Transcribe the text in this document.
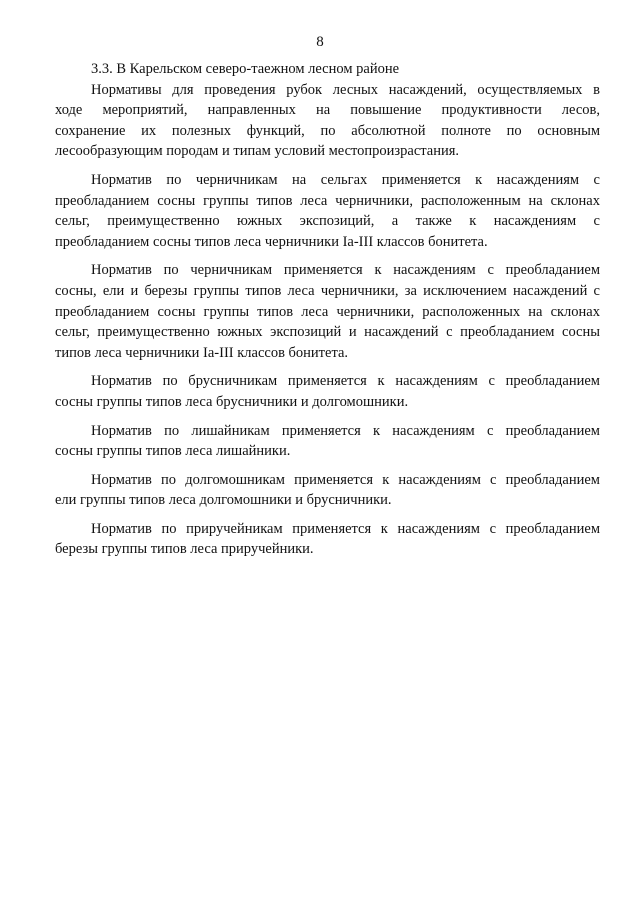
8
3.3. В Карельском северо-таежном лесном районе
Нормативы для проведения рубок лесных насаждений, осуществляемых в
ходе мероприятий, направленных на повышение продуктивности лесов,
сохранение их полезных функций, по абсолютной полноте по основным
лесообразующим породам и типам условий местопроизрастания.
Норматив по черничникам на сельгах применяется к насаждениям с
преобладанием сосны группы типов леса черничники, расположенным на склонах
сельг, преимущественно южных экспозиций, а также к насаждениям с
преобладанием сосны типов леса черничники Iа-III классов бонитета.
Норматив по черничникам применяется к насаждениям с преобладанием
сосны, ели и березы группы типов леса черничники, за исключением насаждений с
преобладанием сосны группы типов леса черничники, расположенных на склонах
сельг, преимущественно южных экспозиций и насаждений с преобладанием сосны
типов леса черничники Iа-III классов бонитета.
Норматив по брусничникам применяется к насаждениям с преобладанием
сосны группы типов леса брусничники и долгомошники.
Норматив по лишайникам применяется к насаждениям с преобладанием
сосны группы типов леса лишайники.
Норматив по долгомошникам применяется к насаждениям с преобладанием
ели группы типов леса долгомошники и брусничники.
Норматив по приручейникам применяется к насаждениям с преобладанием
березы группы типов леса приручейники.
